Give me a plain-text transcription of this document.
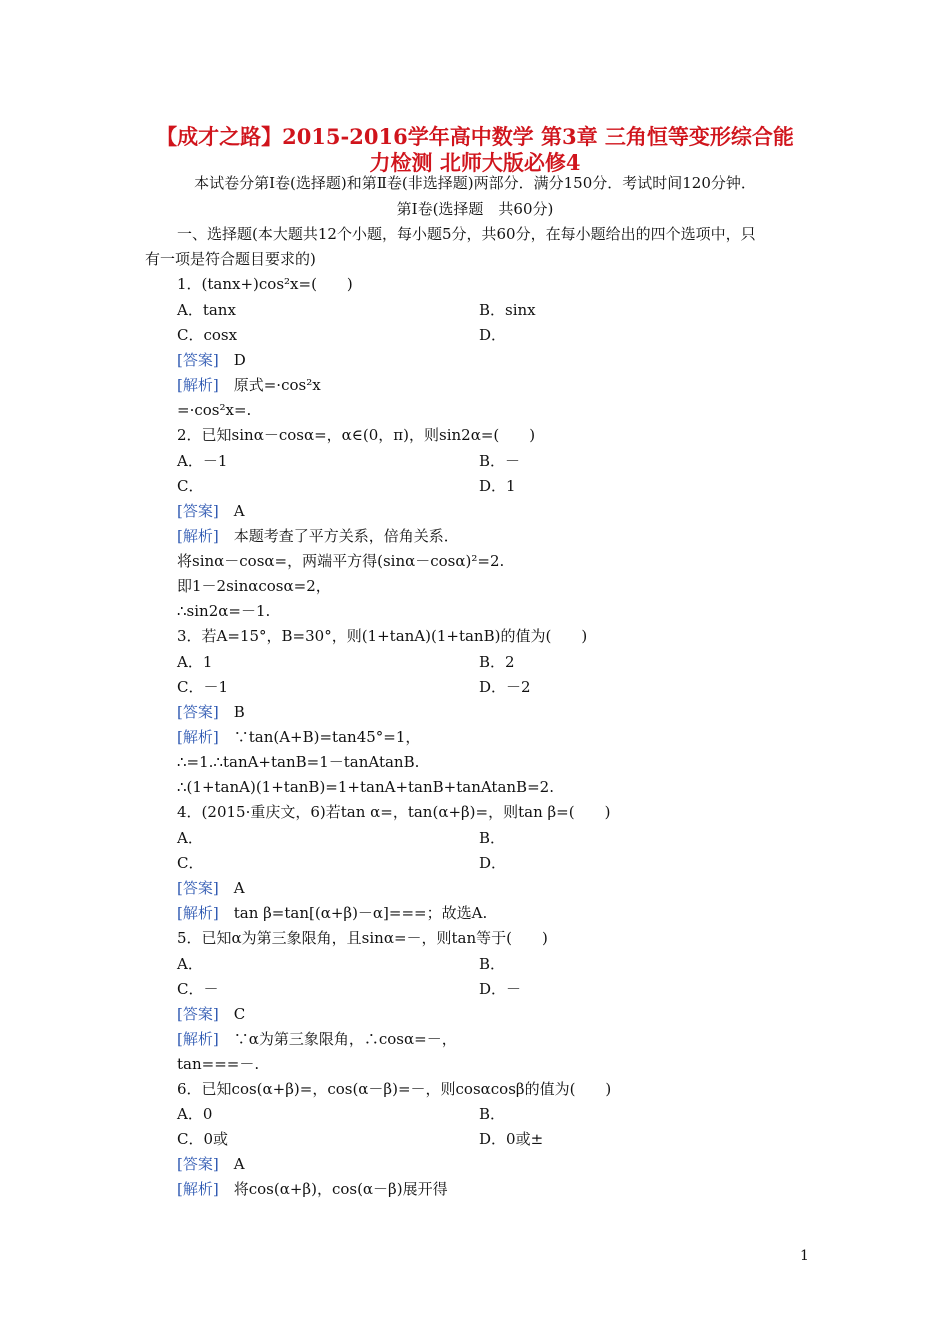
【成才之路】2015-2016学年高中数学 第3章 三角恒等变形综合能
力检测 北师大版必修4
本试卷分第Ⅰ卷(选择题)和第Ⅱ卷(非选择题)两部分．满分150分．考试时间120分钟．
第Ⅰ卷(选择题　共60分)
一、选择题(本大题共12个小题，每小题5分，共60分，在每小题给出的四个选项中，只
有一项是符合题目要求的)
1．(tanx+)cos²x=(　　)
A．tanx	B．sinx
C．cosx	D．
[答案]　 D
[解析]　 原式=·cos²x
=·cos²x=.
2．已知sinα－cosα=，α∈(0，π)，则sin2α=(　　)
A．－1	B．－
C．	D．1
[答案]　 A
[解析]　 本题考查了平方关系，倍角关系．
将sinα－cosα=，两端平方得(sinα－cosα)²=2.
即1－2sinαcosα=2，
∴sin2α=－1.
3．若A=15°，B=30°，则(1+tanA)(1+tanB)的值为(　　)
A．1	B．2
C．－1	D．－2
[答案]　 B
[解析]　 ∵tan(A+B)=tan45°=1，
∴=1.∴tanA+tanB=1－tanAtanB.
∴(1+tanA)(1+tanB)=1+tanA+tanB+tanAtanB=2.
4．(2015·重庆文，6)若tan α=，tan(α+β)=，则tan β=(　　)
A．	B．
C．	D．
[答案]　 A
[解析]　 tan β=tan[(α+β)－α]===；故选A.
5．已知α为第三象限角，且sinα=－，则tan等于(　　)
A．	B．
C．－	D．－
[答案]　 C
[解析]　 ∵α为第三象限角，∴cosα=－，
tan===－.
6．已知cos(α+β)=，cos(α－β)=－，则cosαcosβ的值为(　　)
A．0	B．
C．0或	D．0或±
[答案]　 A
[解析]　 将cos(α+β)，cos(α－β)展开得
1
